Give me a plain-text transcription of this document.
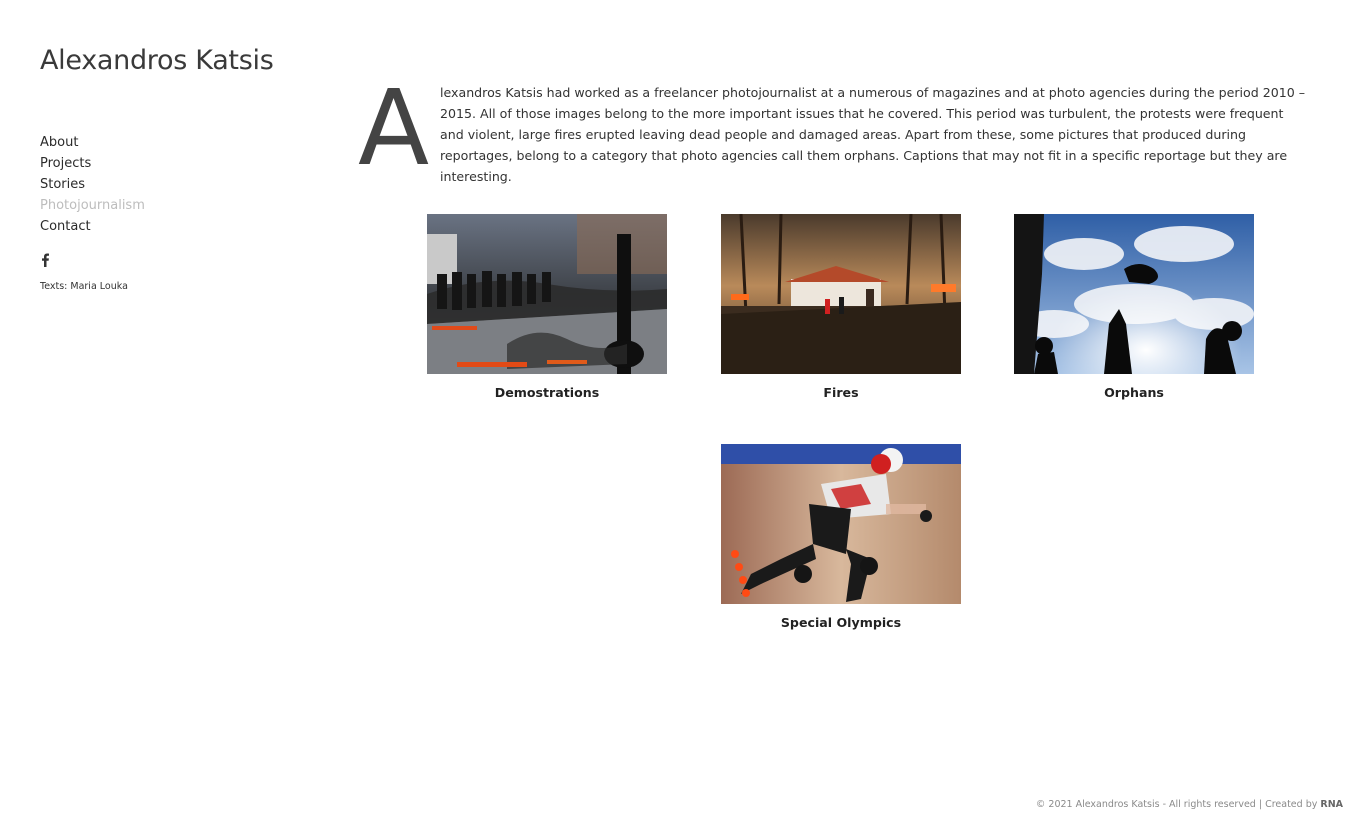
Alexandros Katsis
About
Projects
Stories
Photojournalism
Contact
Texts: Maria Louka
A lexandros Katsis had worked as a freelancer photojournalist at a numerous of magazines and at photo agencies during the period 2010 – 2015. All of those images belong to the more important issues that he covered. This period was turbulent, the protests were frequent and violent, large fires erupted leaving dead people and damaged areas. Apart from these, some pictures that produced during reportages, belong to a category that photo agencies call them orphans. Captions that may not fit in a specific reportage but they are interesting.

Demostrations	Fires	Orphans
Special Olympics
© 2021 Alexandros Katsis - All rights reserved | Created by RNA
